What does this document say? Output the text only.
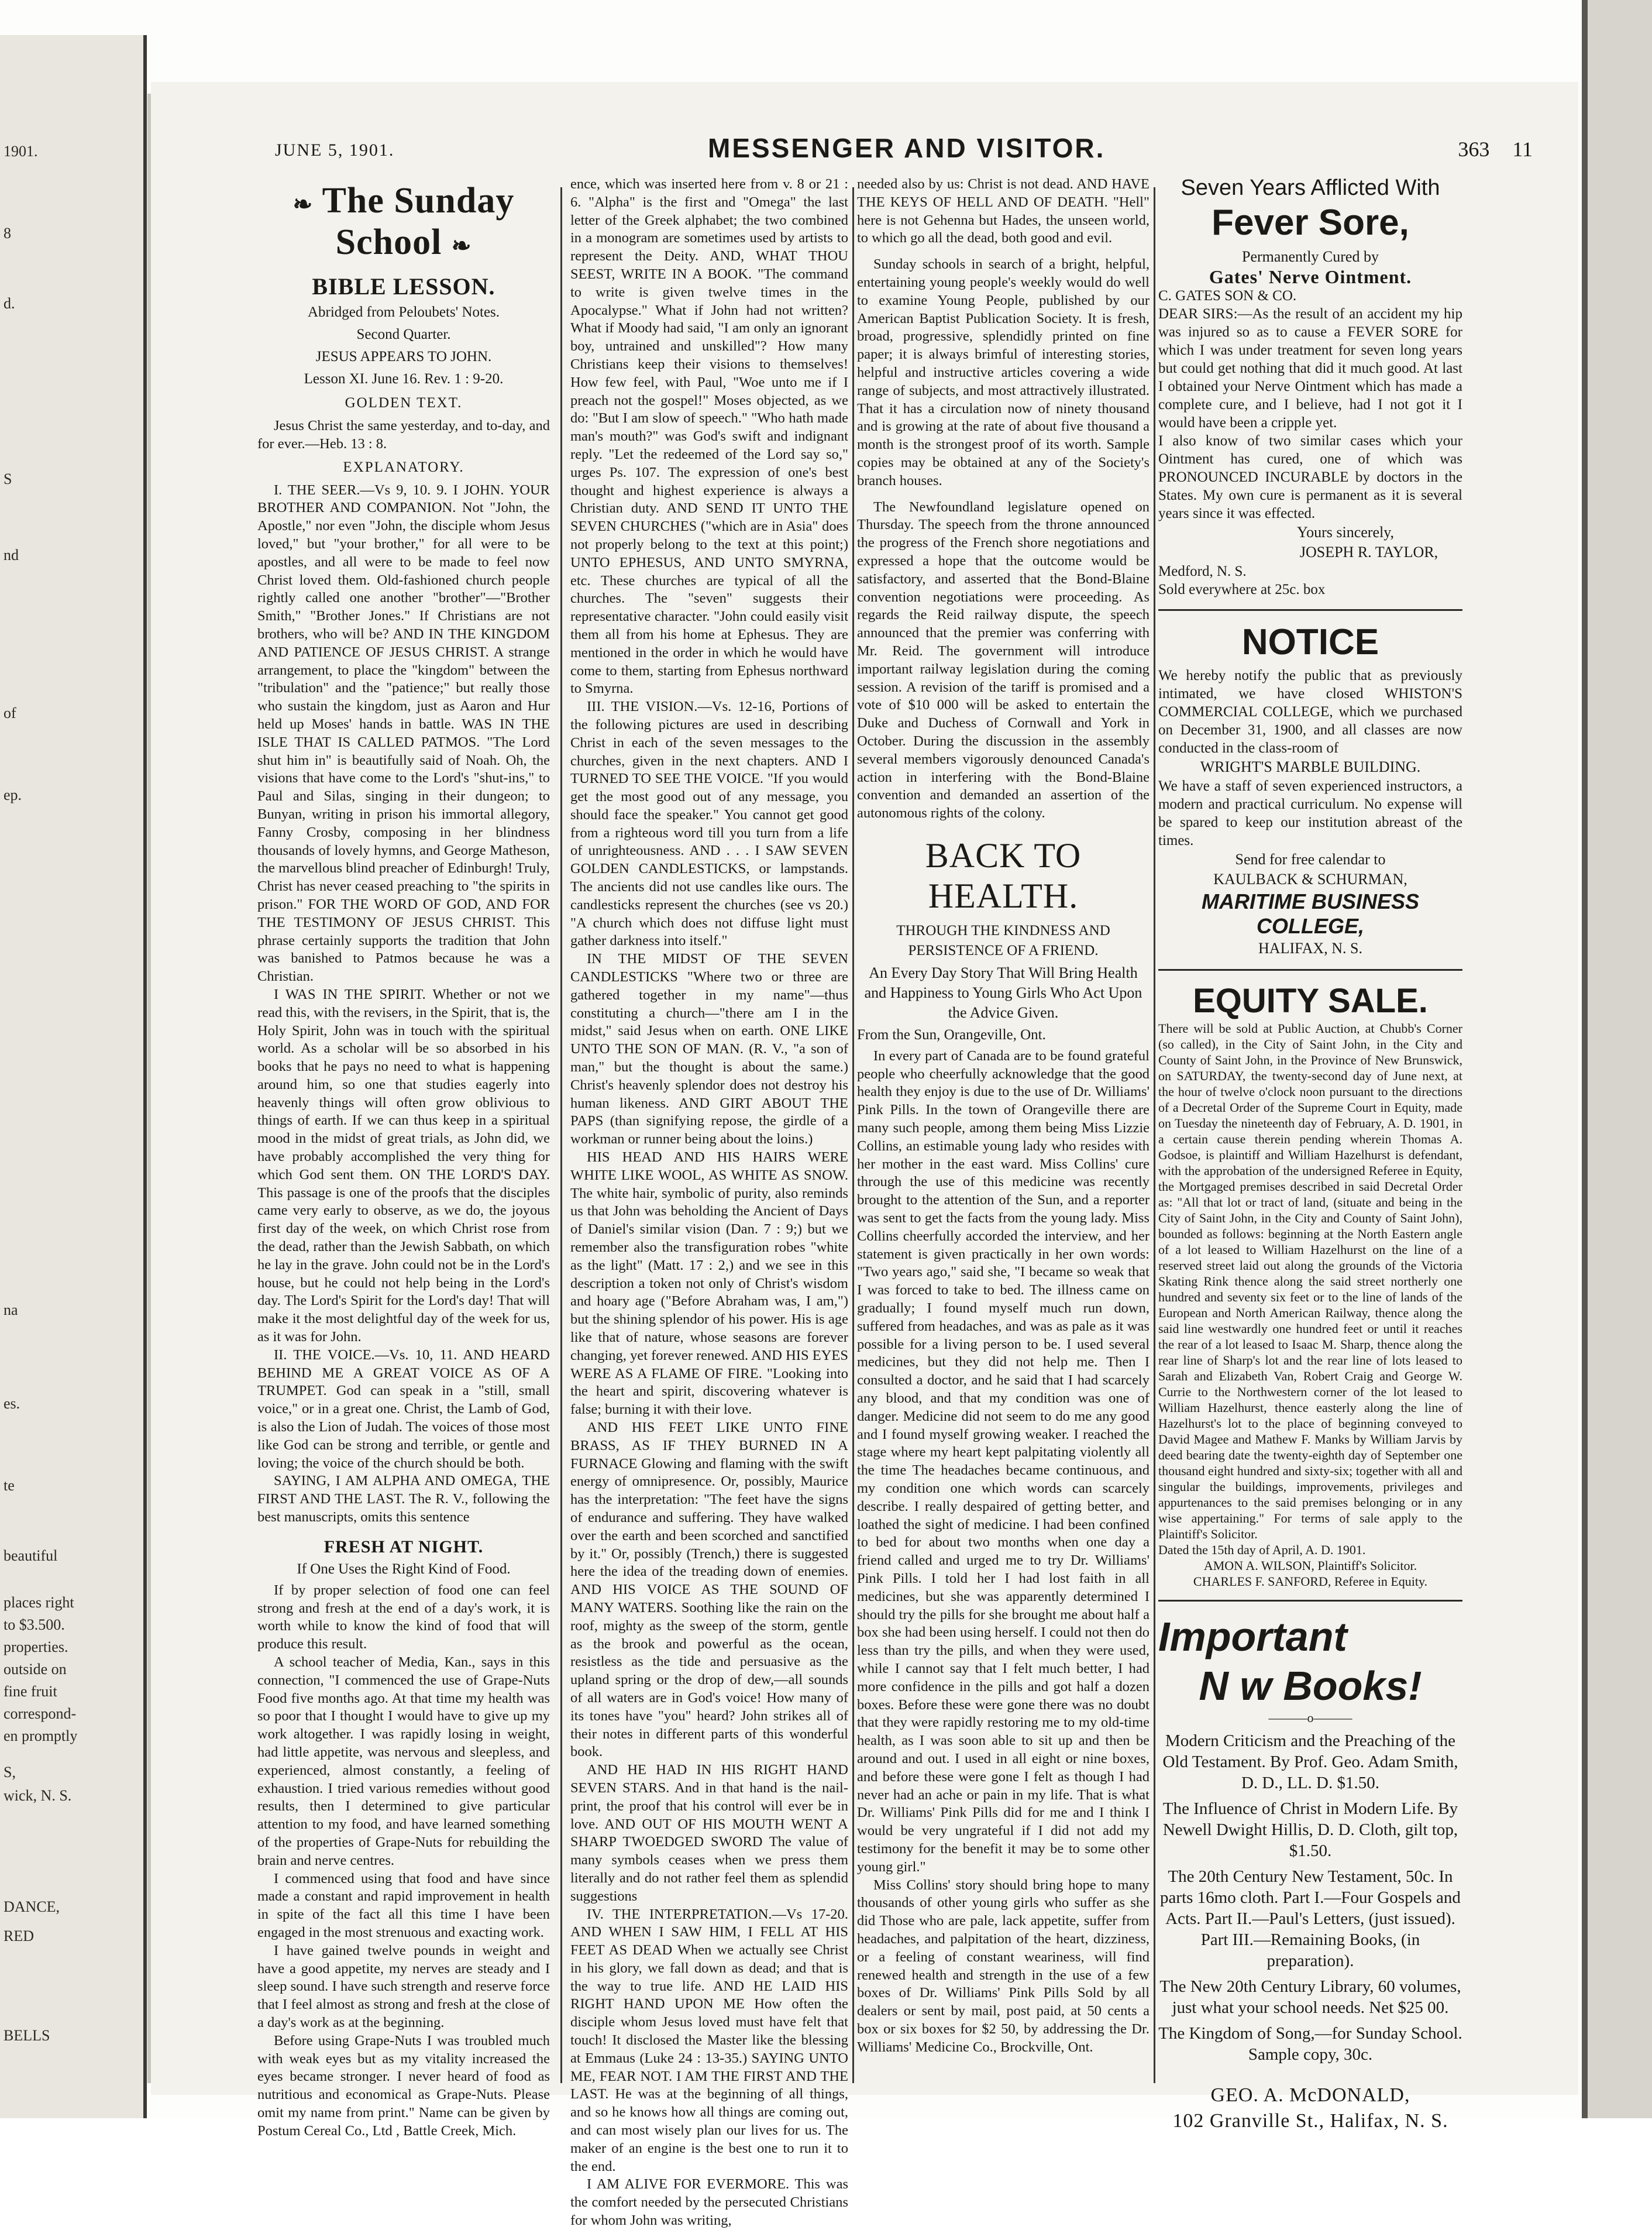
1901.
8
d.
S
nd
of
ep.
na
es.
te
beautiful
places right
to $3.500.
properties.
outside on
fine fruit
correspond-
en promptly
S,
wick, N. S.
DANCE,
RED
BELLS
JUNE 5, 1901.	MESSENGER AND VISITOR.	363 11
❧ The Sunday School ❧
BIBLE LESSON.
Abridged from Peloubets' Notes.
Second Quarter.
JESUS APPEARS TO JOHN.
Lesson XI. June 16. Rev. 1 : 9-20.
GOLDEN TEXT.

Jesus Christ the same yesterday, and to-day, and for ever.—Heb. 13 : 8.

EXPLANATORY.

I. THE SEER.—Vs 9, 10. 9. I JOHN. YOUR BROTHER AND COMPANION. Not "John, the Apostle," nor even "John, the disciple whom Jesus loved," but "your brother," for all were to be apostles, and all were to be made to feel now Christ loved them. Old-fashioned church people rightly called one another "brother"—"Brother Smith," "Brother Jones." If Christians are not brothers, who will be? AND IN THE KINGDOM AND PATIENCE OF JESUS CHRIST. A strange arrangement, to place the "kingdom" between the "tribulation" and the "patience;" but really those who sustain the kingdom, just as Aaron and Hur held up Moses' hands in battle. WAS IN THE ISLE THAT IS CALLED PATMOS. "The Lord shut him in" is beautifully said of Noah. Oh, the visions that have come to the Lord's "shut-ins," to Paul and Silas, singing in their dungeon; to Bunyan, writing in prison his immortal allegory, Fanny Crosby, composing in her blindness thousands of lovely hymns, and George Matheson, the marvellous blind preacher of Edinburgh! Truly, Christ has never ceased preaching to "the spirits in prison." FOR THE WORD OF GOD, AND FOR THE TESTIMONY OF JESUS CHRIST. This phrase certainly supports the tradition that John was banished to Patmos because he was a Christian.

I WAS IN THE SPIRIT. Whether or not we read this, with the revisers, in the Spirit, that is, the Holy Spirit, John was in touch with the spiritual world. As a scholar will be so absorbed in his books that he pays no need to what is happening around him, so one that studies eagerly into heavenly things will often grow oblivious to things of earth. If we can thus keep in a spiritual mood in the midst of great trials, as John did, we have probably accomplished the very thing for which God sent them. ON THE LORD'S DAY. This passage is one of the proofs that the disciples came very early to observe, as we do, the joyous first day of the week, on which Christ rose from the dead, rather than the Jewish Sabbath, on which he lay in the grave. John could not be in the Lord's house, but he could not help being in the Lord's day. The Lord's Spirit for the Lord's day! That will make it the most delightful day of the week for us, as it was for John.

II. THE VOICE.—Vs. 10, 11. AND HEARD BEHIND ME A GREAT VOICE AS OF A TRUMPET. God can speak in a "still, small voice," or in a great one. Christ, the Lamb of God, is also the Lion of Judah. The voices of those most like God can be strong and terrible, or gentle and loving; the voice of the church should be both.

SAYING, I AM ALPHA AND OMEGA, THE FIRST AND THE LAST. The R. V., following the best manuscripts, omits this sentence

FRESH AT NIGHT.
If One Uses the Right Kind of Food.

If by proper selection of food one can feel strong and fresh at the end of a day's work, it is worth while to know the kind of food that will produce this result.

A school teacher of Media, Kan., says in this connection, "I commenced the use of Grape-Nuts Food five months ago. At that time my health was so poor that I thought I would have to give up my work altogether. I was rapidly losing in weight, had little appetite, was nervous and sleepless, and experienced, almost constantly, a feeling of exhaustion. I tried various remedies without good results, then I determined to give particular attention to my food, and have learned something of the properties of Grape-Nuts for rebuilding the brain and nerve centres.

I commenced using that food and have since made a constant and rapid improvement in health in spite of the fact all this time I have been engaged in the most strenuous and exacting work.

I have gained twelve pounds in weight and have a good appetite, my nerves are steady and I sleep sound. I have such strength and reserve force that I feel almost as strong and fresh at the close of a day's work as at the beginning.

Before using Grape-Nuts I was troubled much with weak eyes but as my vitality increased the eyes became stronger. I never heard of food as nutritious and economical as Grape-Nuts. Please omit my name from print." Name can be given by Postum Cereal Co., Ltd , Battle Creek, Mich.

ence, which was inserted here from v. 8 or 21 : 6. "Alpha" is the first and "Omega" the last letter of the Greek alphabet; the two combined in a monogram are sometimes used by artists to represent the Deity. AND, WHAT THOU SEEST, WRITE IN A BOOK. "The command to write is given twelve times in the Apocalypse." What if John had not written? What if Moody had said, "I am only an ignorant boy, untrained and unskilled"? How many Christians keep their visions to themselves! How few feel, with Paul, "Woe unto me if I preach not the gospel!" Moses objected, as we do: "But I am slow of speech." "Who hath made man's mouth?" was God's swift and indignant reply. "Let the redeemed of the Lord say so," urges Ps. 107. The expression of one's best thought and highest experience is always a Christian duty. AND SEND IT UNTO THE SEVEN CHURCHES ("which are in Asia" does not properly belong to the text at this point;) UNTO EPHESUS, AND UNTO SMYRNA, etc. These churches are typical of all the churches. The "seven" suggests their representative character. "John could easily visit them all from his home at Ephesus. They are mentioned in the order in which he would have come to them, starting from Ephesus northward to Smyrna.

III. THE VISION.—Vs. 12-16, Portions of the following pictures are used in describing Christ in each of the seven messages to the churches, given in the next chapters. AND I TURNED TO SEE THE VOICE. "If you would get the most good out of any message, you should face the speaker." You cannot get good from a righteous word till you turn from a life of unrighteousness. AND . . . I SAW SEVEN GOLDEN CANDLESTICKS, or lampstands. The ancients did not use candles like ours. The candlesticks represent the churches (see vs 20.) "A church which does not diffuse light must gather darkness into itself."

IN THE MIDST OF THE SEVEN CANDLESTICKS "Where two or three are gathered together in my name"—thus constituting a church—"there am I in the midst," said Jesus when on earth. ONE LIKE UNTO THE SON OF MAN. (R. V., "a son of man," but the thought is about the same.) Christ's heavenly splendor does not destroy his human likeness. AND GIRT ABOUT THE PAPS (than signifying repose, the girdle of a workman or runner being about the loins.)

HIS HEAD AND HIS HAIRS WERE WHITE LIKE WOOL, AS WHITE AS SNOW. The white hair, symbolic of purity, also reminds us that John was beholding the Ancient of Days of Daniel's similar vision (Dan. 7 : 9;) but we remember also the transfiguration robes "white as the light" (Matt. 17 : 2,) and we see in this description a token not only of Christ's wisdom and hoary age ("Before Abraham was, I am,") but the shining splendor of his power. His is age like that of nature, whose seasons are forever changing, yet forever renewed. AND HIS EYES WERE AS A FLAME OF FIRE. "Looking into the heart and spirit, discovering whatever is false; burning it with their love.

AND HIS FEET LIKE UNTO FINE BRASS, AS IF THEY BURNED IN A FURNACE Glowing and flaming with the swift energy of omnipresence. Or, possibly, Maurice has the interpretation: "The feet have the signs of endurance and suffering. They have walked over the earth and been scorched and sanctified by it." Or, possibly (Trench,) there is suggested here the idea of the treading down of enemies. AND HIS VOICE AS THE SOUND OF MANY WATERS. Soothing like the rain on the roof, mighty as the sweep of the storm, gentle as the brook and powerful as the ocean, resistless as the tide and persuasive as the upland spring or the drop of dew,—all sounds of all waters are in God's voice! How many of its tones have "you" heard? John strikes all of their notes in different parts of this wonderful book.

AND HE HAD IN HIS RIGHT HAND SEVEN STARS. And in that hand is the nail-print, the proof that his control will ever be in love. AND OUT OF HIS MOUTH WENT A SHARP TWOEDGED SWORD The value of many symbols ceases when we press them literally and do not rather feel them as splendid suggestions

IV. THE INTERPRETATION.—Vs 17-20. AND WHEN I SAW HIM, I FELL AT HIS FEET AS DEAD When we actually see Christ in his glory, we fall down as dead; and that is the way to true life. AND HE LAID HIS RIGHT HAND UPON ME How often the disciple whom Jesus loved must have felt that touch! It disclosed the Master like the blessing at Emmaus (Luke 24 : 13-35.) SAYING UNTO ME, FEAR NOT. I AM THE FIRST AND THE LAST. He was at the beginning of all things, and so he knows how all things are coming out, and can most wisely plan our lives for us. The maker of an engine is the best one to run it to the end.

I AM ALIVE FOR EVERMORE. This was the comfort needed by the persecuted Christians for whom John was writing,

needed also by us: Christ is not dead. AND HAVE THE KEYS OF HELL AND OF DEATH. "Hell" here is not Gehenna but Hades, the unseen world, to which go all the dead, both good and evil.

Sunday schools in search of a bright, helpful, entertaining young people's weekly would do well to examine Young People, published by our American Baptist Publication Society. It is fresh, broad, progressive, splendidly printed on fine paper; it is always brimful of interesting stories, helpful and instructive articles covering a wide range of subjects, and most attractively illustrated. That it has a circulation now of ninety thousand and is growing at the rate of about five thousand a month is the strongest proof of its worth. Sample copies may be obtained at any of the Society's branch houses.

The Newfoundland legislature opened on Thursday. The speech from the throne announced the progress of the French shore negotiations and expressed a hope that the outcome would be satisfactory, and asserted that the Bond-Blaine convention negotiations were proceeding. As regards the Reid railway dispute, the speech announced that the premier was conferring with Mr. Reid. The government will introduce important railway legislation during the coming session. A revision of the tariff is promised and a vote of $10 000 will be asked to entertain the Duke and Duchess of Cornwall and York in October. During the discussion in the assembly several members vigorously denounced Canada's action in interfering with the Bond-Blaine convention and demanded an assertion of the autonomous rights of the colony.

BACK TO HEALTH.
THROUGH THE KINDNESS AND PERSISTENCE OF A FRIEND.
An Every Day Story That Will Bring Health and Happiness to Young Girls Who Act Upon the Advice Given.
From the Sun, Orangeville, Ont.

In every part of Canada are to be found grateful people who cheerfully acknowledge that the good health they enjoy is due to the use of Dr. Williams' Pink Pills. In the town of Orangeville there are many such people, among them being Miss Lizzie Collins, an estimable young lady who resides with her mother in the east ward. Miss Collins' cure through the use of this medicine was recently brought to the attention of the Sun, and a reporter was sent to get the facts from the young lady. Miss Collins cheerfully accorded the interview, and her statement is given practically in her own words: "Two years ago," said she, "I became so weak that I was forced to take to bed. The illness came on gradually; I found myself much run down, suffered from headaches, and was as pale as it was possible for a living person to be. I used several medicines, but they did not help me. Then I consulted a doctor, and he said that I had scarcely any blood, and that my condition was one of danger. Medicine did not seem to do me any good and I found myself growing weaker. I reached the stage where my heart kept palpitating violently all the time The headaches became continuous, and my condition one which words can scarcely describe. I really despaired of getting better, and loathed the sight of medicine. I had been confined to bed for about two months when one day a friend called and urged me to try Dr. Williams' Pink Pills. I told her I had lost faith in all medicines, but she was apparently determined I should try the pills for she brought me about half a box she had been using herself. I could not then do less than try the pills, and when they were used, while I cannot say that I felt much better, I had more confidence in the pills and got half a dozen boxes. Before these were gone there was no doubt that they were rapidly restoring me to my old-time health, as I was soon able to sit up and then be around and out. I used in all eight or nine boxes, and before these were gone I felt as though I had never had an ache or pain in my life. That is what Dr. Williams' Pink Pills did for me and I think I would be very ungrateful if I did not add my testimony for the benefit it may be to some other young girl."

Miss Collins' story should bring hope to many thousands of other young girls who suffer as she did Those who are pale, lack appetite, suffer from headaches, and palpitation of the heart, dizziness, or a feeling of constant weariness, will find renewed health and strength in the use of a few boxes of Dr. Williams' Pink Pills Sold by all dealers or sent by mail, post paid, at 50 cents a box or six boxes for $2 50, by addressing the Dr. Williams' Medicine Co., Brockville, Ont.

Seven Years Afflicted With
Fever Sore,
Permanently Cured by
Gates' Nerve Ointment.
C. GATES SON & CO.
DEAR SIRS:—As the result of an accident my hip was injured so as to cause a FEVER SORE for which I was under treatment for seven long years but could get nothing that did it much good. At last I obtained your Nerve Ointment which has made a complete cure, and I believe, had I not got it I would have been a cripple yet.
I also know of two similar cases which your Ointment has cured, one of which was PRONOUNCED INCURABLE by doctors in the States. My own cure is permanent as it is several years since it was effected.
Yours sincerely,
JOSEPH R. TAYLOR,
Medford, N. S.
Sold everywhere at 25c. box
NOTICE
We hereby notify the public that as previously intimated, we have closed WHISTON'S COMMERCIAL COLLEGE, which we purchased on December 31, 1900, and all classes are now conducted in the class-room of
WRIGHT'S MARBLE BUILDING.
We have a staff of seven experienced instructors, a modern and practical curriculum. No expense will be spared to keep our institution abreast of the times.
Send for free calendar to
KAULBACK & SCHURMAN,
MARITIME BUSINESS COLLEGE,
HALIFAX, N. S.
EQUITY SALE.
There will be sold at Public Auction, at Chubb's Corner (so called), in the City of Saint John, in the City and County of Saint John, in the Province of New Brunswick, on SATURDAY, the twenty-second day of June next, at the hour of twelve o'clock noon pursuant to the directions of a Decretal Order of the Supreme Court in Equity, made on Tuesday the nineteenth day of February, A. D. 1901, in a certain cause therein pending wherein Thomas A. Godsoe, is plaintiff and William Hazelhurst is defendant, with the approbation of the undersigned Referee in Equity, the Mortgaged premises described in said Decretal Order as: "All that lot or tract of land, (situate and being in the City of Saint John, in the City and County of Saint John), bounded as follows: beginning at the North Eastern angle of a lot leased to William Hazelhurst on the line of a reserved street laid out along the grounds of the Victoria Skating Rink thence along the said street northerly one hundred and seventy six feet or to the line of lands of the European and North American Railway, thence along the said line westwardly one hundred feet or until it reaches the rear of a lot leased to Isaac M. Sharp, thence along the rear line of Sharp's lot and the rear line of lots leased to Sarah and Elizabeth Van, Robert Craig and George W. Currie to the Northwestern corner of the lot leased to William Hazelhurst, thence easterly along the line of Hazelhurst's lot to the place of beginning conveyed to David Magee and Mathew F. Manks by William Jarvis by deed bearing date the twenty-eighth day of September one thousand eight hundred and sixty-six; together with all and singular the buildings, improvements, privileges and appurtenances to the said premises belonging or in any wise appertaining." For terms of sale apply to the Plaintiff's Solicitor.
Dated the 15th day of April, A. D. 1901.
AMON A. WILSON, Plaintiff's Solicitor.
CHARLES F. SANFORD, Referee in Equity.
Important
N w Books!
———o———
Modern Criticism and the Preaching of the Old Testament. By Prof. Geo. Adam Smith, D. D., LL. D. $1.50.
The Influence of Christ in Modern Life. By Newell Dwight Hillis, D. D. Cloth, gilt top, $1.50.
The 20th Century New Testament, 50c. In parts 16mo cloth. Part I.—Four Gospels and Acts. Part II.—Paul's Letters, (just issued). Part III.—Remaining Books, (in preparation).
The New 20th Century Library, 60 volumes, just what your school needs. Net $25 00.
The Kingdom of Song,—for Sunday School. Sample copy, 30c.
GEO. A. McDONALD,
102 Granville St., Halifax, N. S.
